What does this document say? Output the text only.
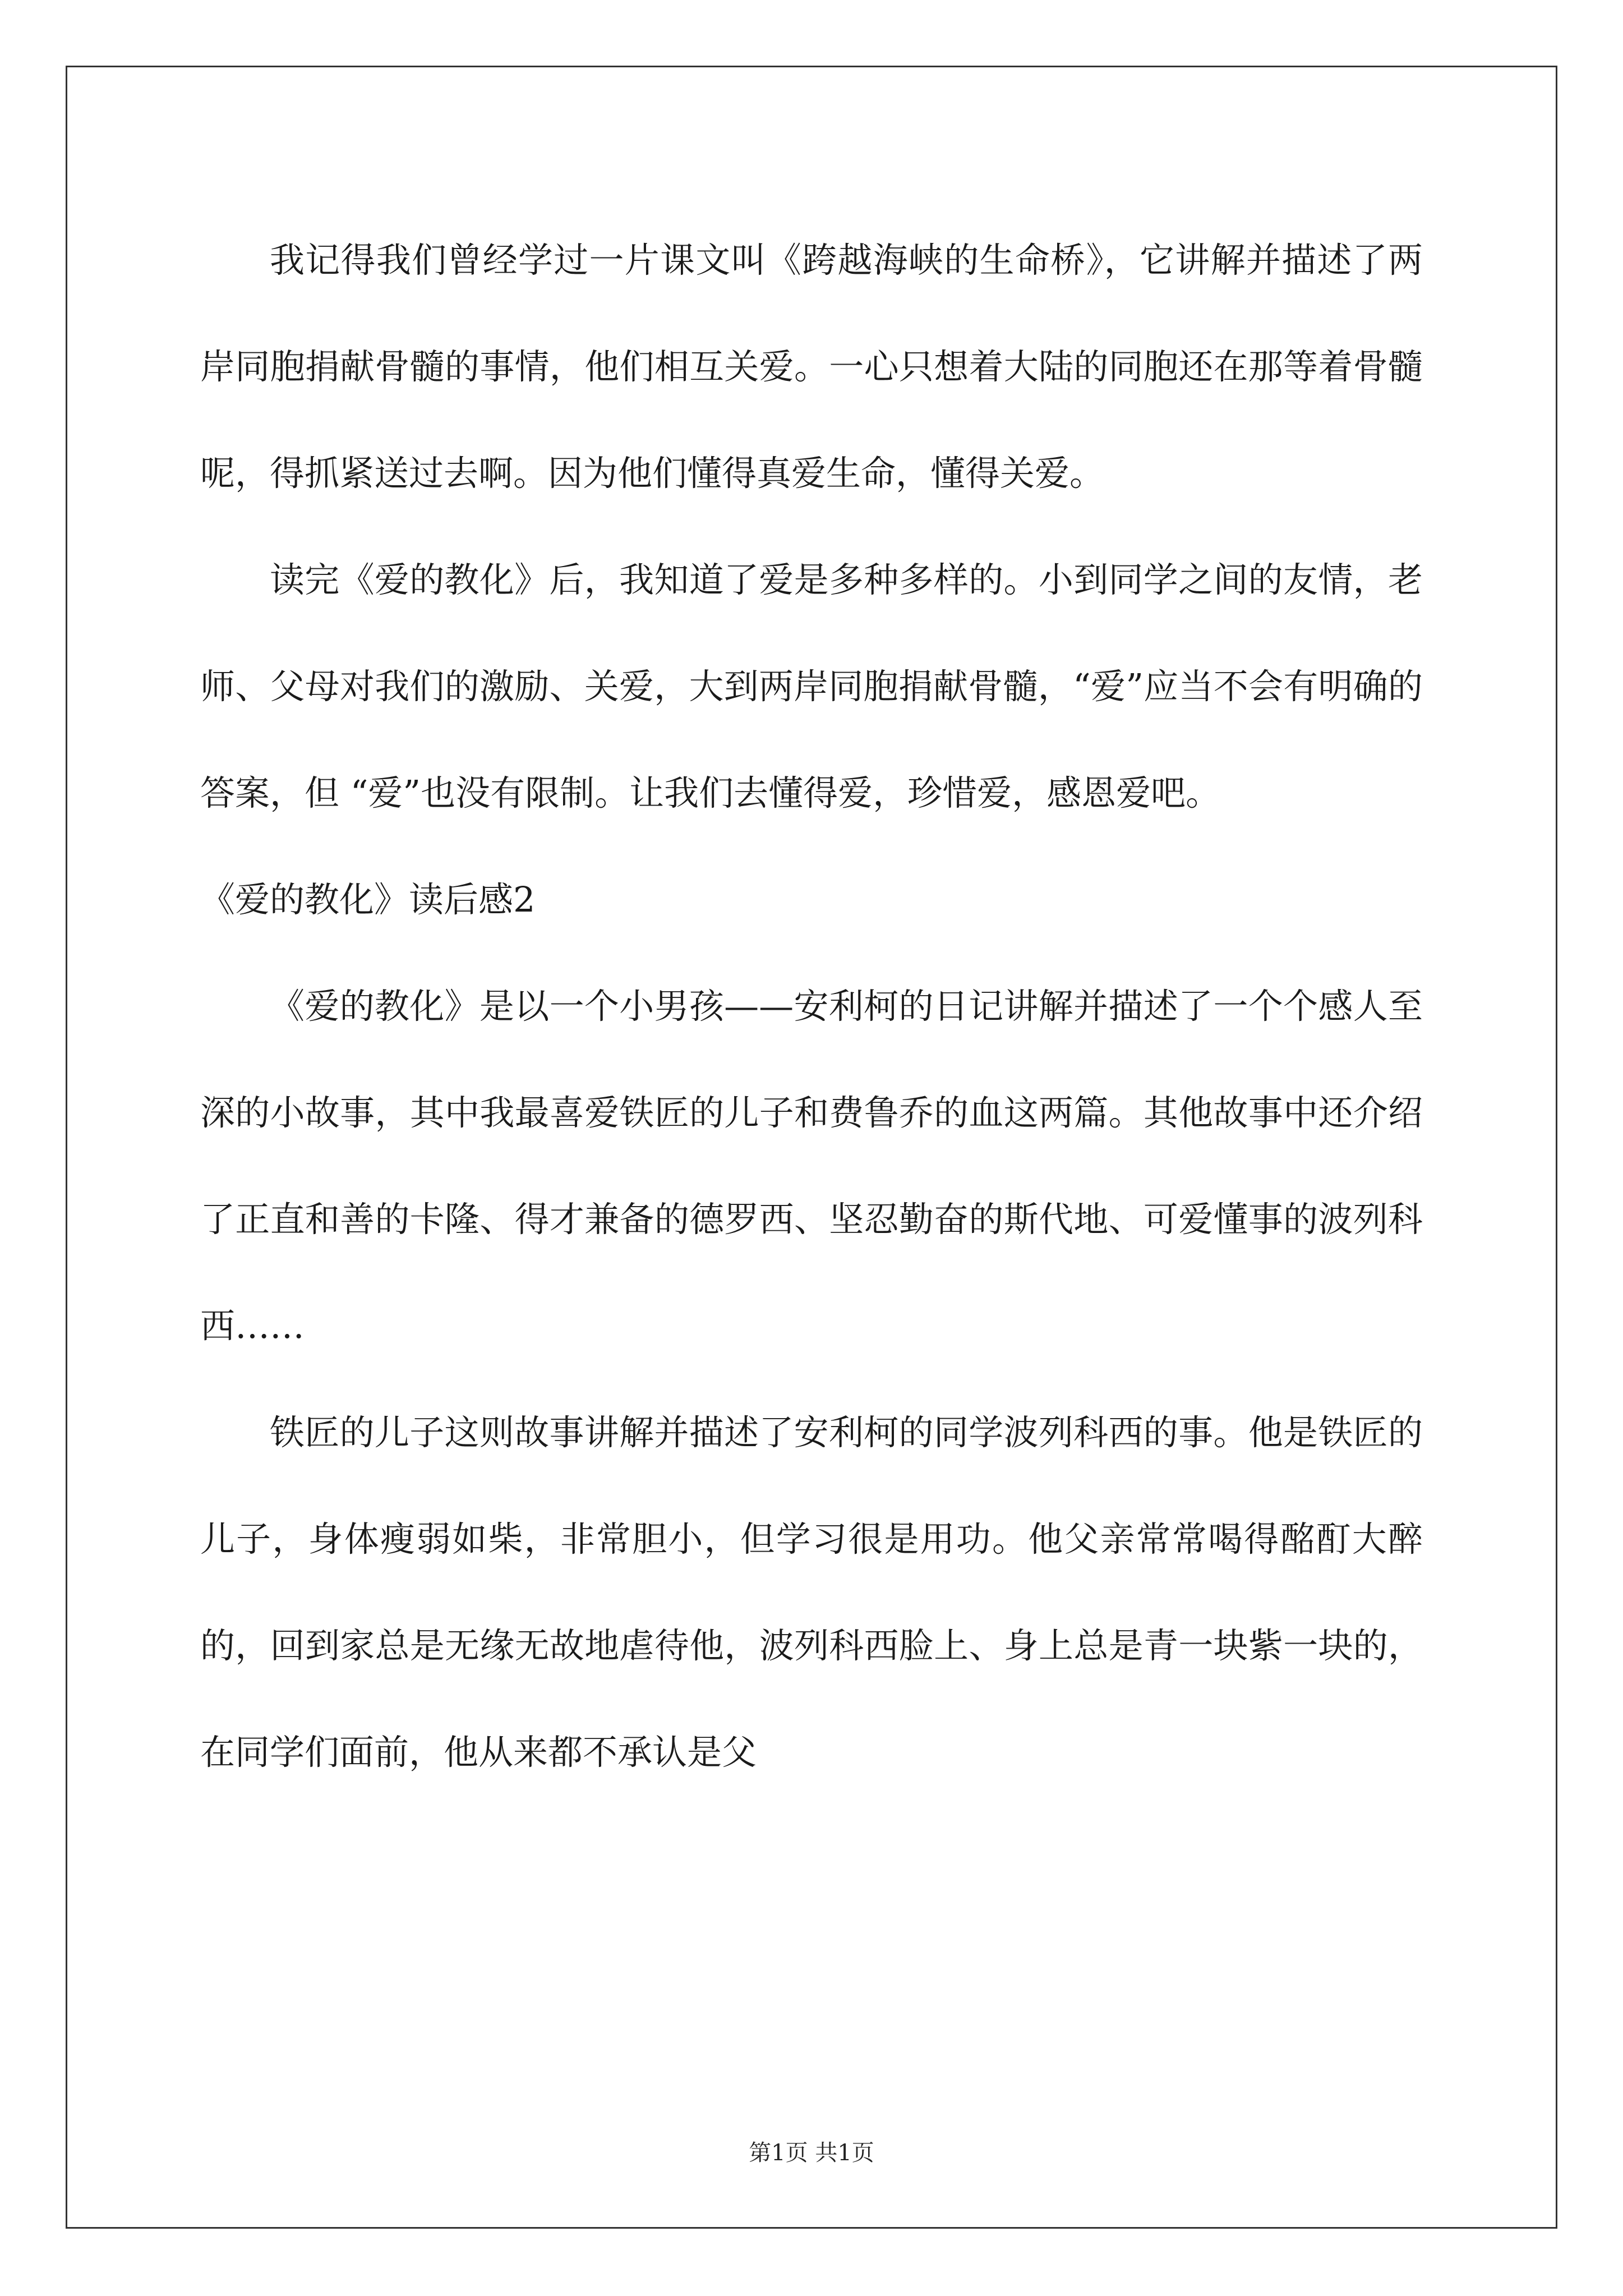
我记得我们曾经学过一片课文叫《跨越海峡的生命桥》，它讲解并描述了两岸同胞捐献骨髓的事情，他们相互关爱。一心只想着大陆的同胞还在那等着骨髓呢，得抓紧送过去啊。因为他们懂得真爱生命，懂得关爱。

读完《爱的教化》后，我知道了爱是多种多样的。小到同学之间的友情，老师、父母对我们的激励、关爱，大到两岸同胞捐献骨髓，“爱”应当不会有明确的答案，但 “爱”也没有限制。让我们去懂得爱，珍惜爱，感恩爱吧。

《爱的教化》读后感2

《爱的教化》是以一个小男孩——安利柯的日记讲解并描述了一个个感人至深的小故事，其中我最喜爱铁匠的儿子和费鲁乔的血这两篇。其他故事中还介绍了正直和善的卡隆、得才兼备的德罗西、坚忍勤奋的斯代地、可爱懂事的波列科西……

铁匠的儿子这则故事讲解并描述了安利柯的同学波列科西的事。他是铁匠的儿子，身体瘦弱如柴，非常胆小，但学习很是用功。他父亲常常喝得酩酊大醉的，回到家总是无缘无故地虐待他，波列科西脸上、身上总是青一块紫一块的，在同学们面前，他从来都不承认是父

第1页 共1页
